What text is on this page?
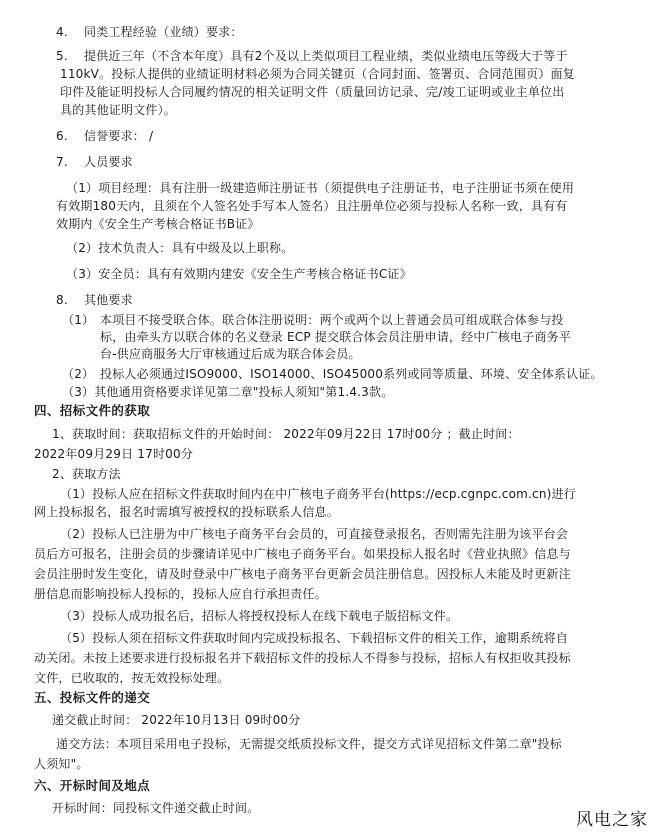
4. 同类工程经验（业绩）要求：
5. 提供近三年（不含本年度）具有2个及以上类似项目工程业绩，类似业绩电压等级大于等于
110kV。投标人提供的业绩证明材料必须为合同关键页（合同封面、签署页、合同范围页）面复
印件及能证明投标人合同履约情况的相关证明文件（质量回访记录、完/竣工证明或业主单位出
具的其他证明文件）。
6. 信誉要求： /
7. 人员要求
（1）项目经理：具有注册一级建造师注册证书（须提供电子注册证书，电子注册证书须在使用
有效期180天内，且须在个人签名处手写本人签名）且注册单位必须与投标人名称一致，具有有
效期内《安全生产考核合格证书B证》
（2）技术负责人：具有中级及以上职称。
（3）安全员：具有有效期内建安《安全生产考核合格证书C证》
8. 其他要求
（1） 本项目不接受联合体。联合体注册说明：两个或两个以上普通会员可组成联合体参与投
标，由牵头方以联合体的名义登录 ECP 提交联合体会员注册申请，经中广核电子商务平
台-供应商服务大厅审核通过后成为联合体会员。
（2） 投标人必须通过ISO9000、ISO14000、ISO45000系列或同等质量、环境、安全体系认证。
（3）其他通用资格要求详见第二章"投标人须知"第1.4.3款。
四、招标文件的获取
1、获取时间：获取招标文件的开始时间： 2022年09月22日 17时00分 ；截止时间：
2022年09月29日 17时00分
2、获取方法
（1）投标人应在招标文件获取时间内在中广核电子商务平台(https://ecp.cgnpc.com.cn)进行
网上投标报名，报名时需填写被授权的投标联系人信息。
（2）投标人已注册为中广核电子商务平台会员的，可直接登录报名，否则需先注册为该平台会
员后方可报名，注册会员的步骤请详见中广核电子商务平台。如果投标人报名时《营业执照》信息与
会员注册时发生变化，请及时登录中广核电子商务平台更新会员注册信息。因投标人未能及时更新注
册信息而影响投标人投标的，投标人应自行承担责任。
（3）投标人成功报名后，招标人将授权投标人在线下载电子版招标文件。
（5）投标人须在招标文件获取时间内完成投标报名、下载招标文件的相关工作，逾期系统将自
动关闭。未按上述要求进行投标报名并下载招标文件的投标人不得参与投标，招标人有权拒收其投标
文件，已收取的，按无效投标处理。
五、投标文件的递交
递交截止时间： 2022年10月13日 09时00分
递交方法：本项目采用电子投标，无需提交纸质投标文件，提交方式详见招标文件第二章"投标
人须知"。
六、开标时间及地点
开标时间：同投标文件递交截止时间。
风电之家
